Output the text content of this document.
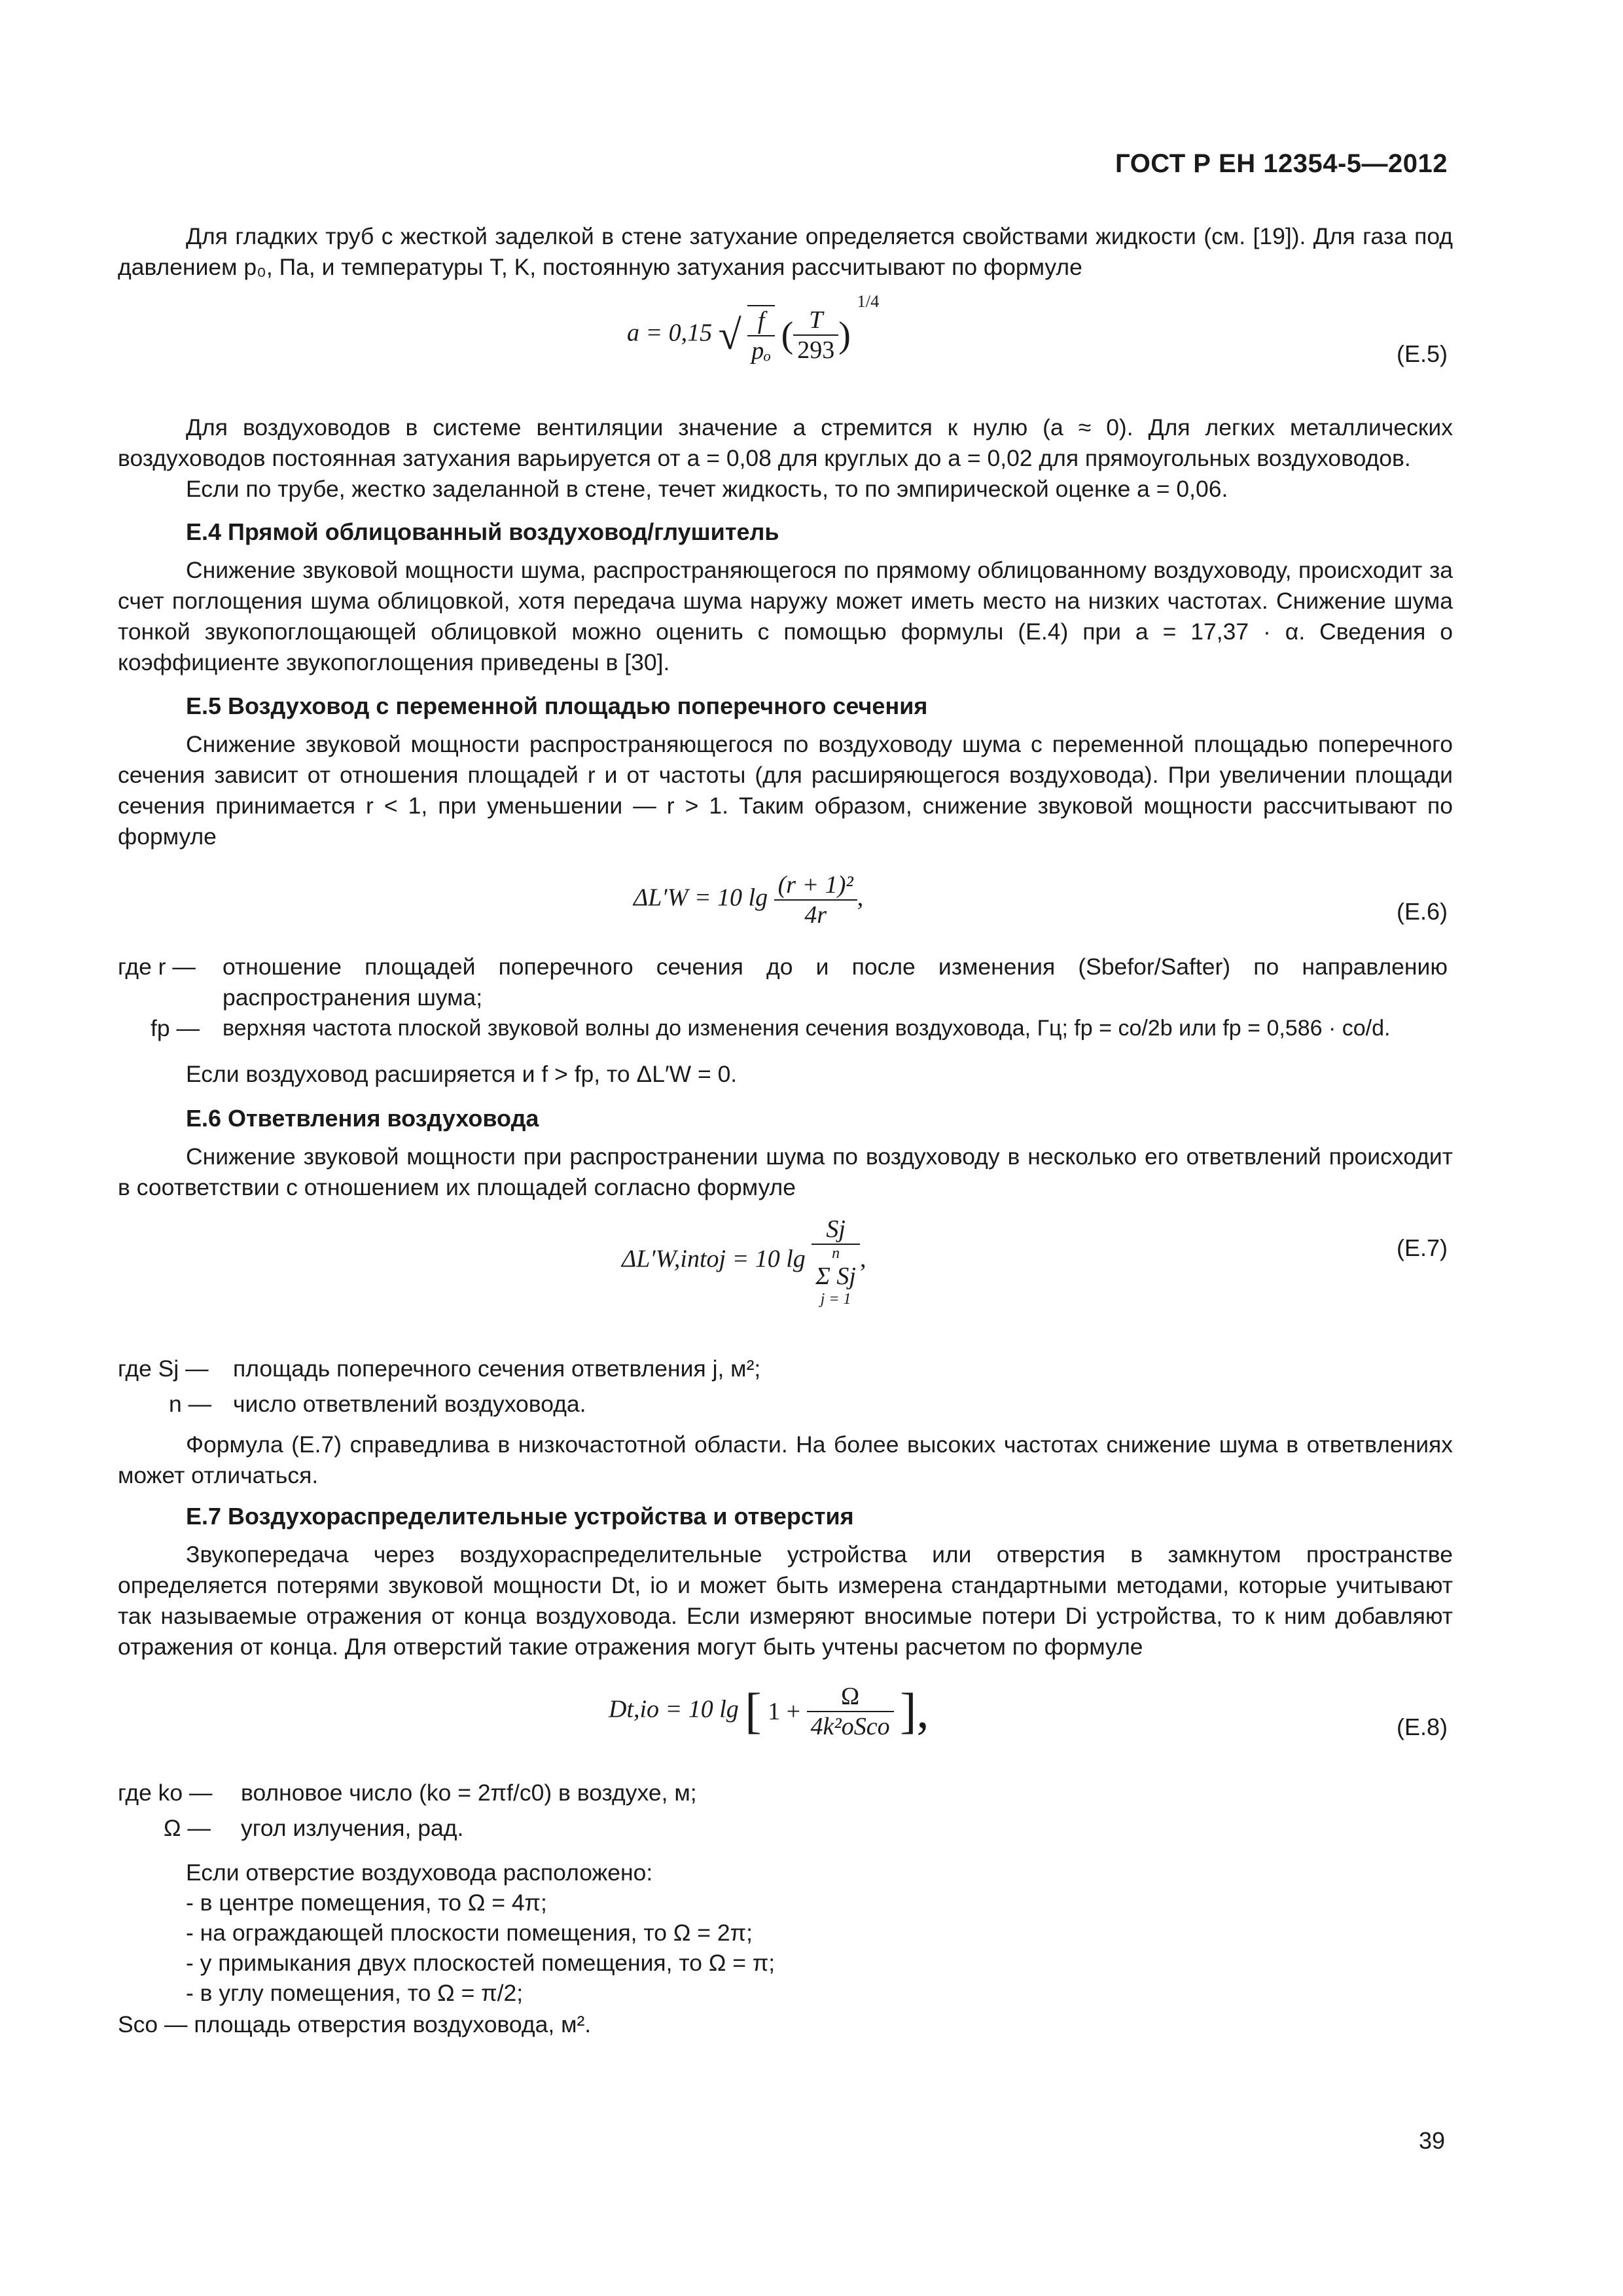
ГОСТ Р ЕН 12354-5—2012
Для гладких труб с жесткой заделкой в стене затухание определяется свойствами жидкости (см. [19]). Для газа под давлением p₀, Па, и температуры T, K, постоянную затухания рассчитывают по формуле
a = 0,15 √ $\frac{f}{\text{pₒ}}$ ( $\frac{T}{293}$ ) $^{1/4}$
(Е.5)
Для воздуховодов в системе вентиляции значение a стремится к нулю (a ≈ 0). Для легких металлических воздуховодов постоянная затухания варьируется от a = 0,08 для круглых до a = 0,02 для прямоугольных воздуховодов.
Если по трубе, жестко заделанной в стене, течет жидкость, то по эмпирической оценке a = 0,06.
Е.4 Прямой облицованный воздуховод/глушитель
Снижение звуковой мощности шума, распространяющегося по прямому облицованному воздуховоду, происходит за счет поглощения шума облицовкой, хотя передача шума наружу может иметь место на низких частотах. Снижение шума тонкой звукопоглощающей облицовкой можно оценить с помощью формулы (Е.4) при a = 17,37 · α. Сведения о коэффициенте звукопоглощения приведены в [30].
Е.5 Воздуховод с переменной площадью поперечного сечения
Снижение звуковой мощности распространяющегося по воздуховоду шума с переменной площадью поперечного сечения зависит от отношения площадей r и от частоты (для расширяющегося воздуховода). При увеличении площади сечения принимается r < 1, при уменьшении — r > 1. Таким образом, снижение звуковой мощности рассчитывают по формуле
ΔL′W = 10 $\lg \frac{\text{(r + 1)²}}{4r}$ ,	(Е.6)
где r —	отношение площадей поперечного сечения до и после изменения (Sbefor/Safter) по направлению распространения шума;
fp —	верхняя частота плоской звуковой волны до изменения сечения воздуховода, Гц; fp = co/2b или fp = 0,586 · co/d.
Если воздуховод расширяется и f > fp, то ΔL′W = 0.
Е.6 Ответвления воздуховода
Снижение звуковой мощности при распространении шума по воздуховоду в несколько его ответвлений происходит в соответствии с отношением их площадей согласно формуле
ΔL′W,intoj = 10 lg
Sj
n
Σ Sj
j = 1
,	(Е.7)
где Sj —	площадь поперечного сечения ответвления j, м²;
n — число ответвлений воздуховода.
Формула (Е.7) справедлива в низкочастотной области. На более высоких частотах снижение шума в ответвлениях может отличаться.
Е.7 Воздухораспределительные устройства и отверстия
Звукопередача через воздухораспределительные устройства или отверстия в замкнутом пространстве определяется потерями звуковой мощности Dt, io и может быть измерена стандартными методами, которые учитывают так называемые отражения от конца воздуховода. Если измеряют вносимые потери Di устройства, то к ним добавляют отражения от конца. Для отверстий такие отражения могут быть учтены расчетом по формуле
Dt,io = 10 lg [ $1 + \frac{\Omega}{\text{4k²oSco}}$ ],	(Е.8)
где ko —	волновое число (ko = 2πf/c0) в воздухе, м;
Ω —	угол излучения, рад.
Если отверстие воздуховода расположено:
- в центре помещения, то Ω = 4π;
- на ограждающей плоскости помещения, то Ω = 2π;
- у примыкания двух плоскостей помещения, то Ω = π;
- в углу помещения, то Ω = π/2;
Sco — площадь отверстия воздуховода, м².
39
